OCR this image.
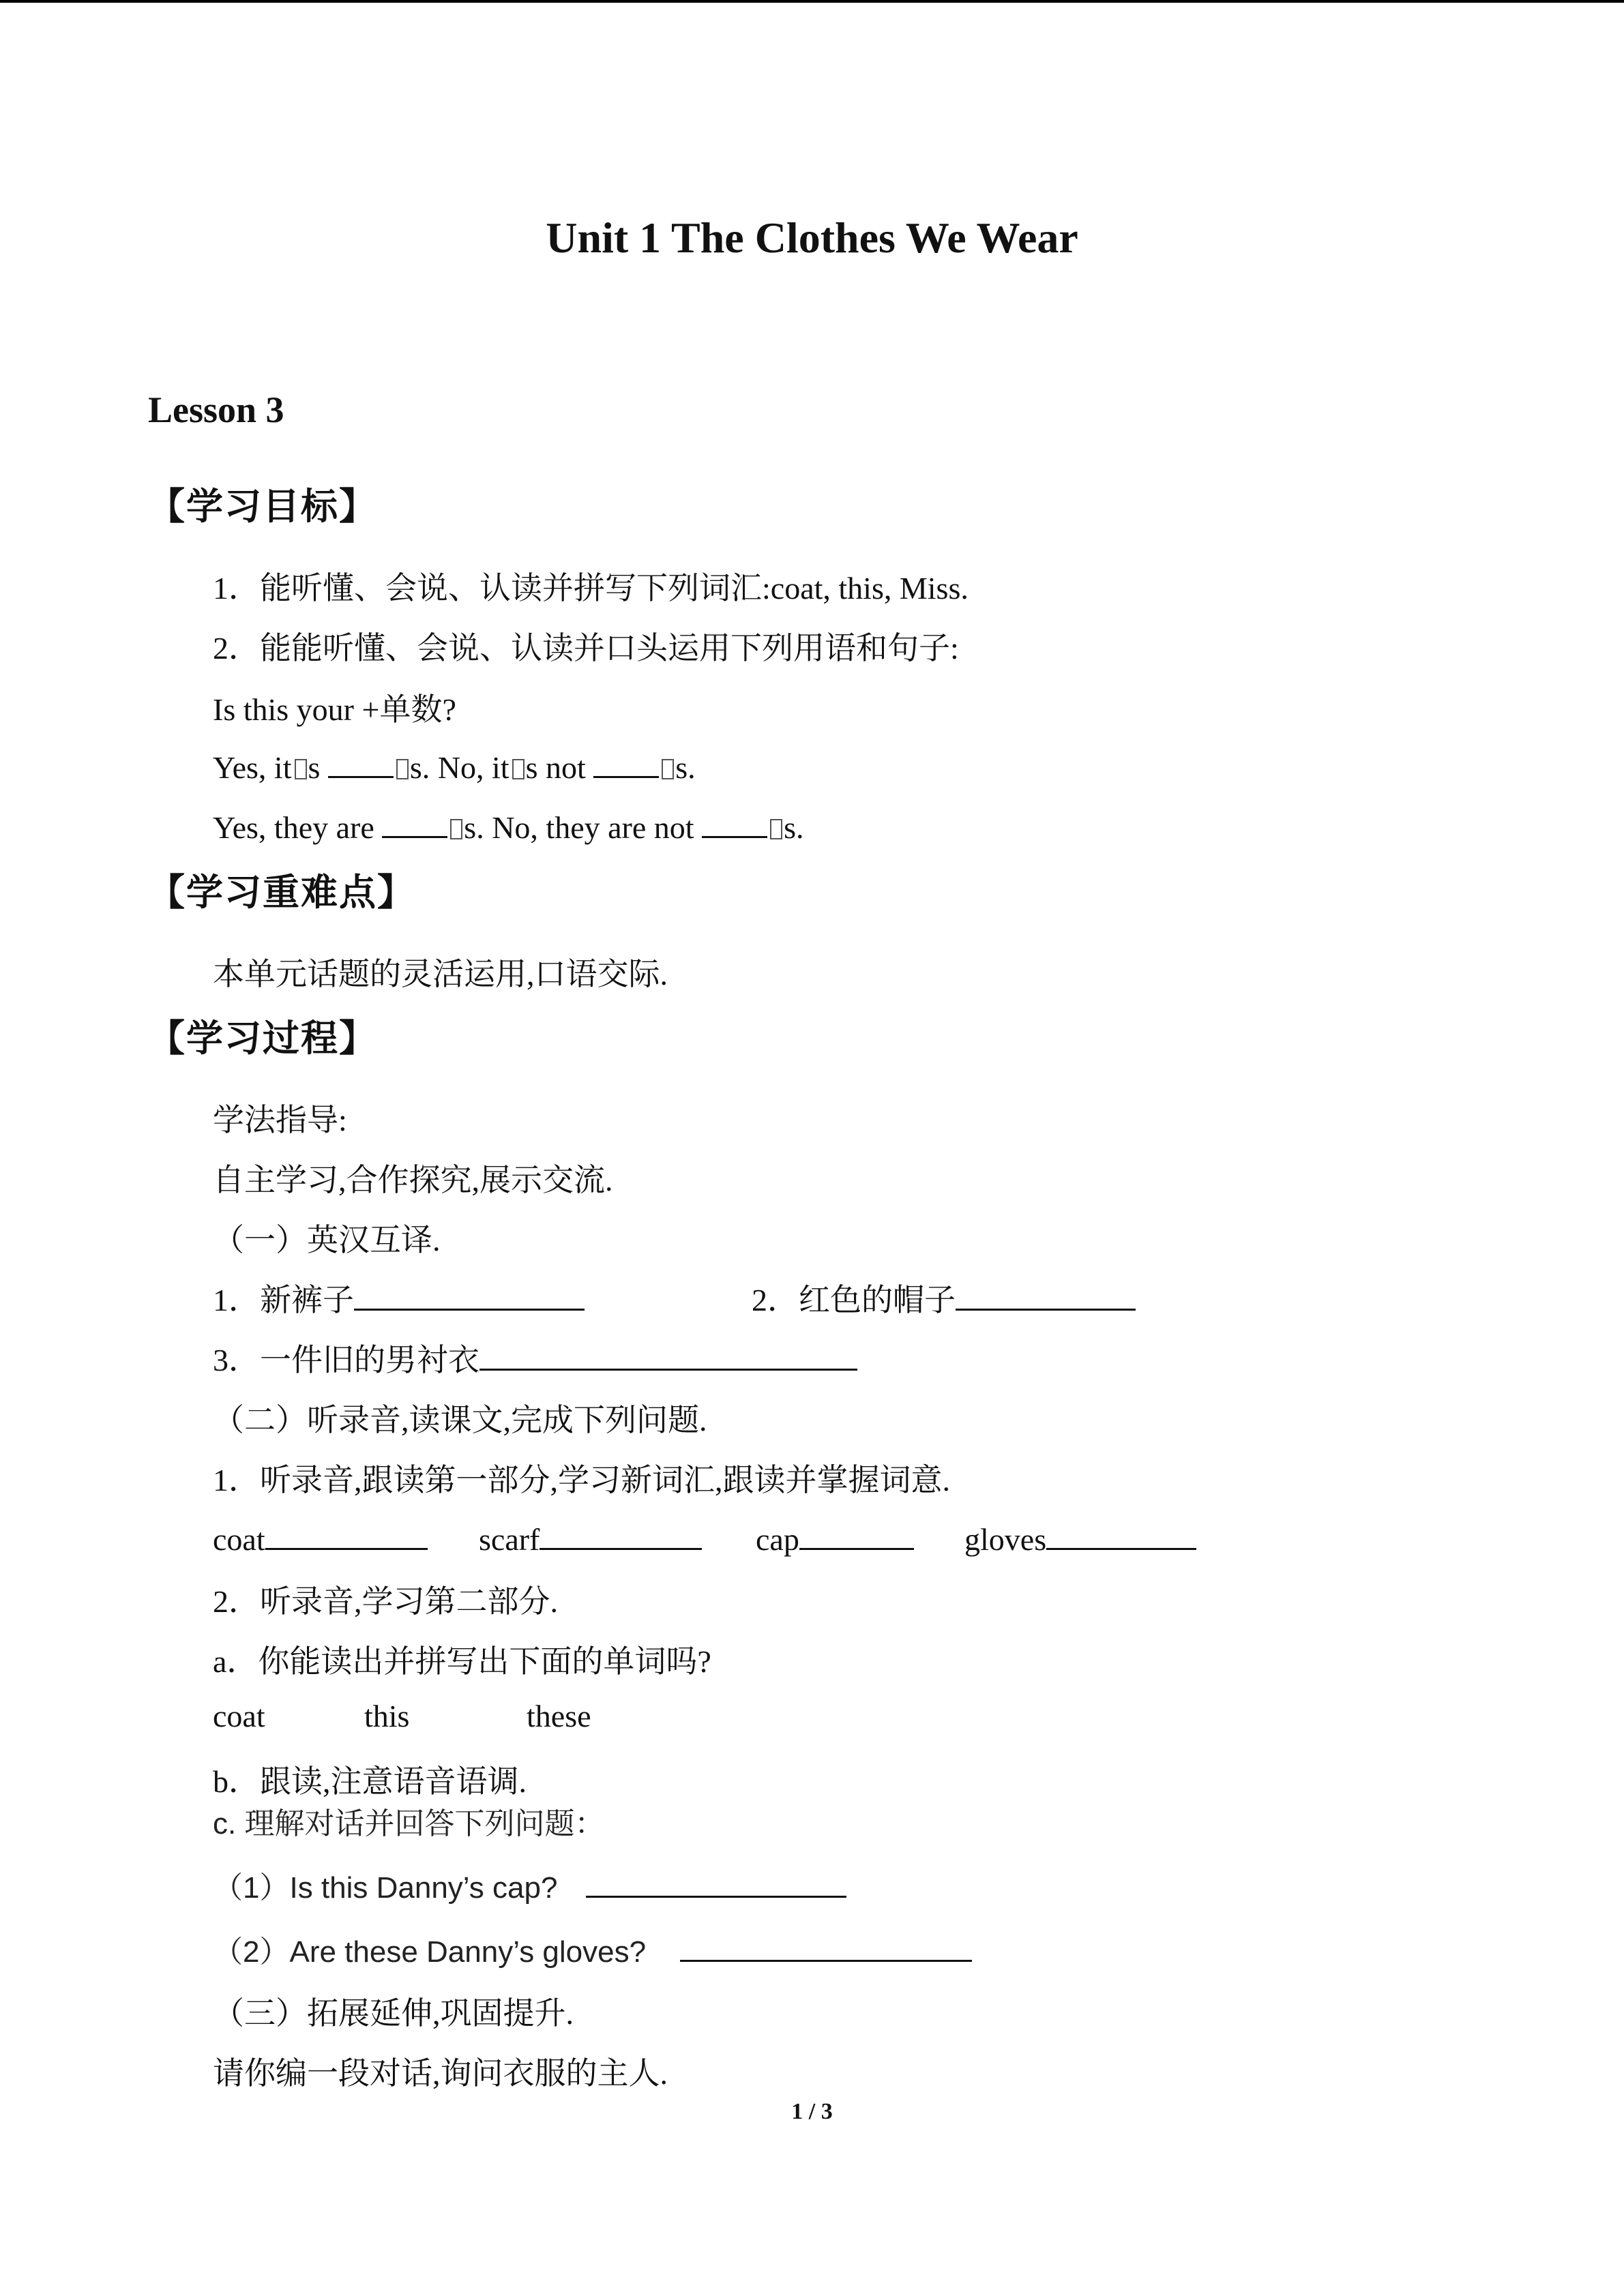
Unit 1 The Clothes We Wear
Lesson 3
【学习目标】
1．能听懂、会说、认读并拼写下列词汇:coat, this, Miss.
2．能能听懂、会说、认读并口头运用下列用语和句子:
Is this your +单数?
Yes, it s	s. No, it s not	s.
Yes, they are	s. No, they are not	s.
【学习重难点】
本单元话题的灵活运用,口语交际.
【学习过程】
学法指导:
自主学习,合作探究,展示交流.
（一）英汉互译.
1．新裤子	2．红色的帽子
3．一件旧的男衬衣
（二）听录音,读课文,完成下列问题.
1．听录音,跟读第一部分,学习新词汇,跟读并掌握词意.
coat	scarf	cap	gloves
2．听录音,学习第二部分.
a．你能读出并拼写出下面的单词吗?
coat	this	these
b．跟读,注意语音语调.
c. 理解对话并回答下列问题：
（1）Is this Danny’s cap?
（2）Are these Danny’s gloves?
（三）拓展延伸,巩固提升.
请你编一段对话,询问衣服的主人.
1 / 3
